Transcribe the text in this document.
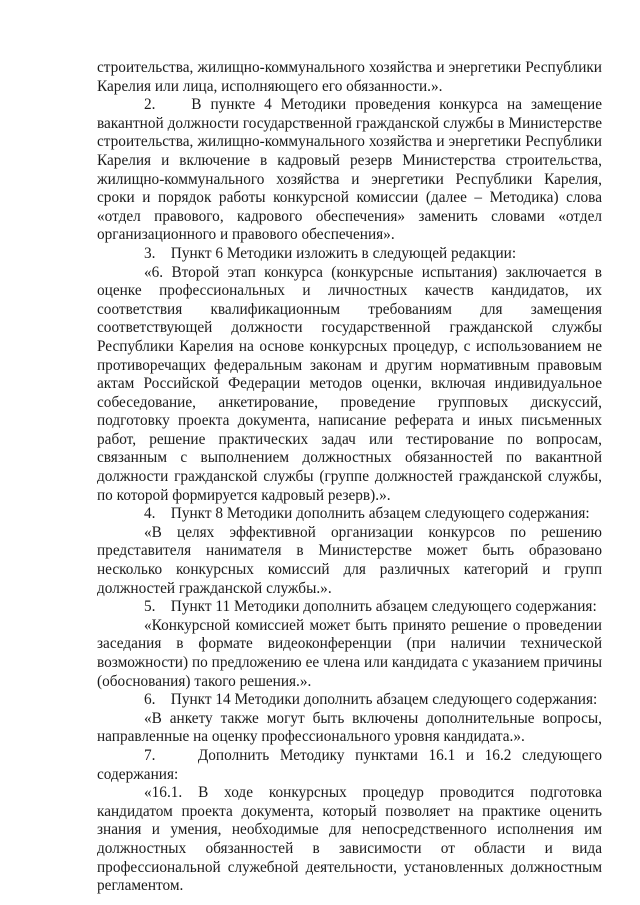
строительства, жилищно-коммунального хозяйства и энергетики Республики Карелия или лица, исполняющего его обязанности.».

2.    В пункте 4 Методики проведения конкурса на замещение вакантной должности государственной гражданской службы в Министерстве строительства, жилищно-коммунального хозяйства и энергетики Республики Карелия и включение в кадровый резерв Министерства строительства, жилищно-коммунального хозяйства и энергетики Республики Карелия, сроки и порядок работы конкурсной комиссии (далее – Методика) слова «отдел правового, кадрового обеспечения» заменить словами «отдел организационного и правового обеспечения».

3.    Пункт 6 Методики изложить в следующей редакции:

«6. Второй этап конкурса (конкурсные испытания) заключается в оценке профессиональных и личностных качеств кандидатов, их соответствия квалификационным требованиям для замещения соответствующей должности государственной гражданской службы Республики Карелия на основе конкурсных процедур, с использованием не противоречащих федеральным законам и другим нормативным правовым актам Российской Федерации методов оценки, включая индивидуальное собеседование, анкетирование, проведение групповых дискуссий, подготовку проекта документа, написание реферата и иных письменных работ, решение практических задач или тестирование по вопросам, связанным с выполнением должностных обязанностей по вакантной должности гражданской службы (группе должностей гражданской службы, по которой формируется кадровый резерв).».

4.    Пункт 8 Методики дополнить абзацем следующего содержания:

«В целях эффективной организации конкурсов по решению представителя нанимателя в Министерстве может быть образовано несколько конкурсных комиссий для различных категорий и групп должностей гражданской службы.».

5.    Пункт 11 Методики дополнить абзацем следующего содержания:

«Конкурсной комиссией может быть принято решение о проведении заседания в формате видеоконференции (при наличии технической возможности) по предложению ее члена или кандидата с указанием причины (обоснования) такого решения.».

6.    Пункт 14 Методики дополнить абзацем следующего содержания:

«В анкету также могут быть включены дополнительные вопросы, направленные на оценку профессионального уровня кандидата.».

7.    Дополнить Методику пунктами 16.1 и 16.2 следующего содержания:

«16.1. В ходе конкурсных процедур проводится подготовка кандидатом проекта документа, который позволяет на практике оценить знания и умения, необходимые для непосредственного исполнения им должностных обязанностей в зависимости от области и вида профессиональной служебной деятельности, установленных должностным регламентом.
